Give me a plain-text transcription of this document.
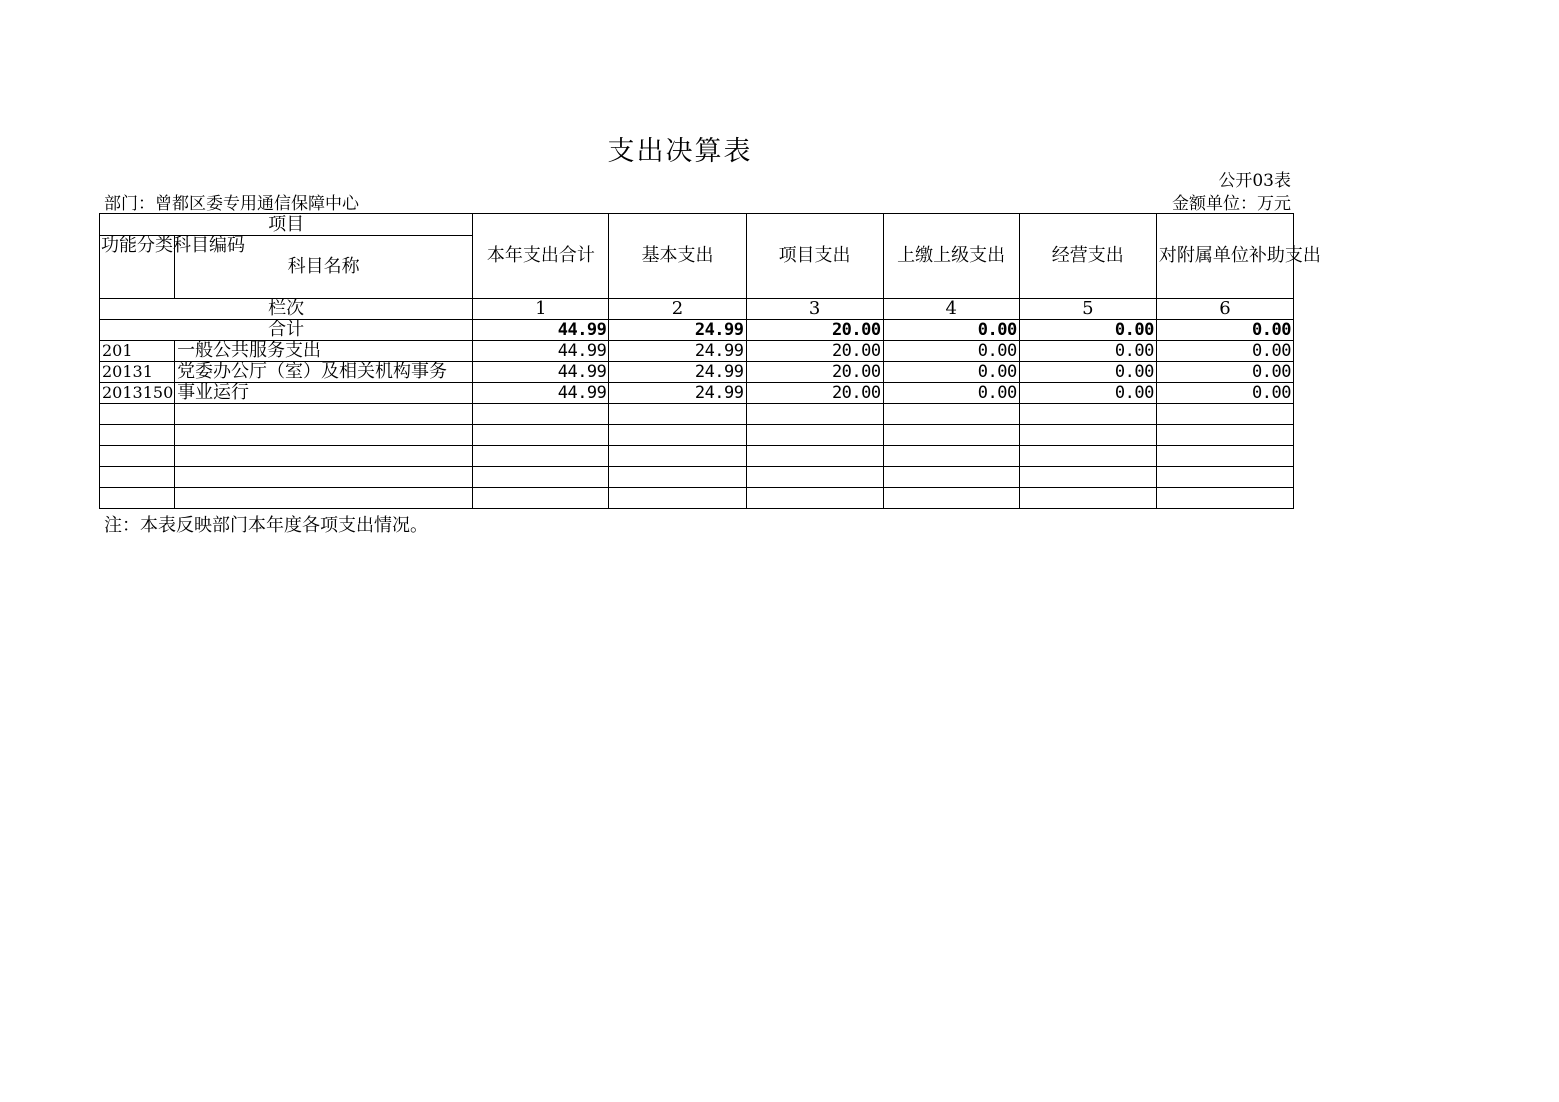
支出决算表
公开03表
部门：曾都区委专用通信保障中心	金额单位：万元
项目		本年支出合计	基本支出	项目支出	上缴上级支出	经营支出	对附属单位补助支出

功能分类科目编码	科目名称						
栏次		1	2	3	4	5	6
合计		44.99	24.99	20.00	0.00	0.00	0.00
201	一般公共服务支出	44.99	24.99	20.00	0.00	0.00	0.00
20131	党委办公厅（室）及相关机构事务	44.99	24.99	20.00	0.00	0.00	0.00
2013150	事业运行	44.99	24.99	20.00	0.00	0.00	0.00

注：本表反映部门本年度各项支出情况。
